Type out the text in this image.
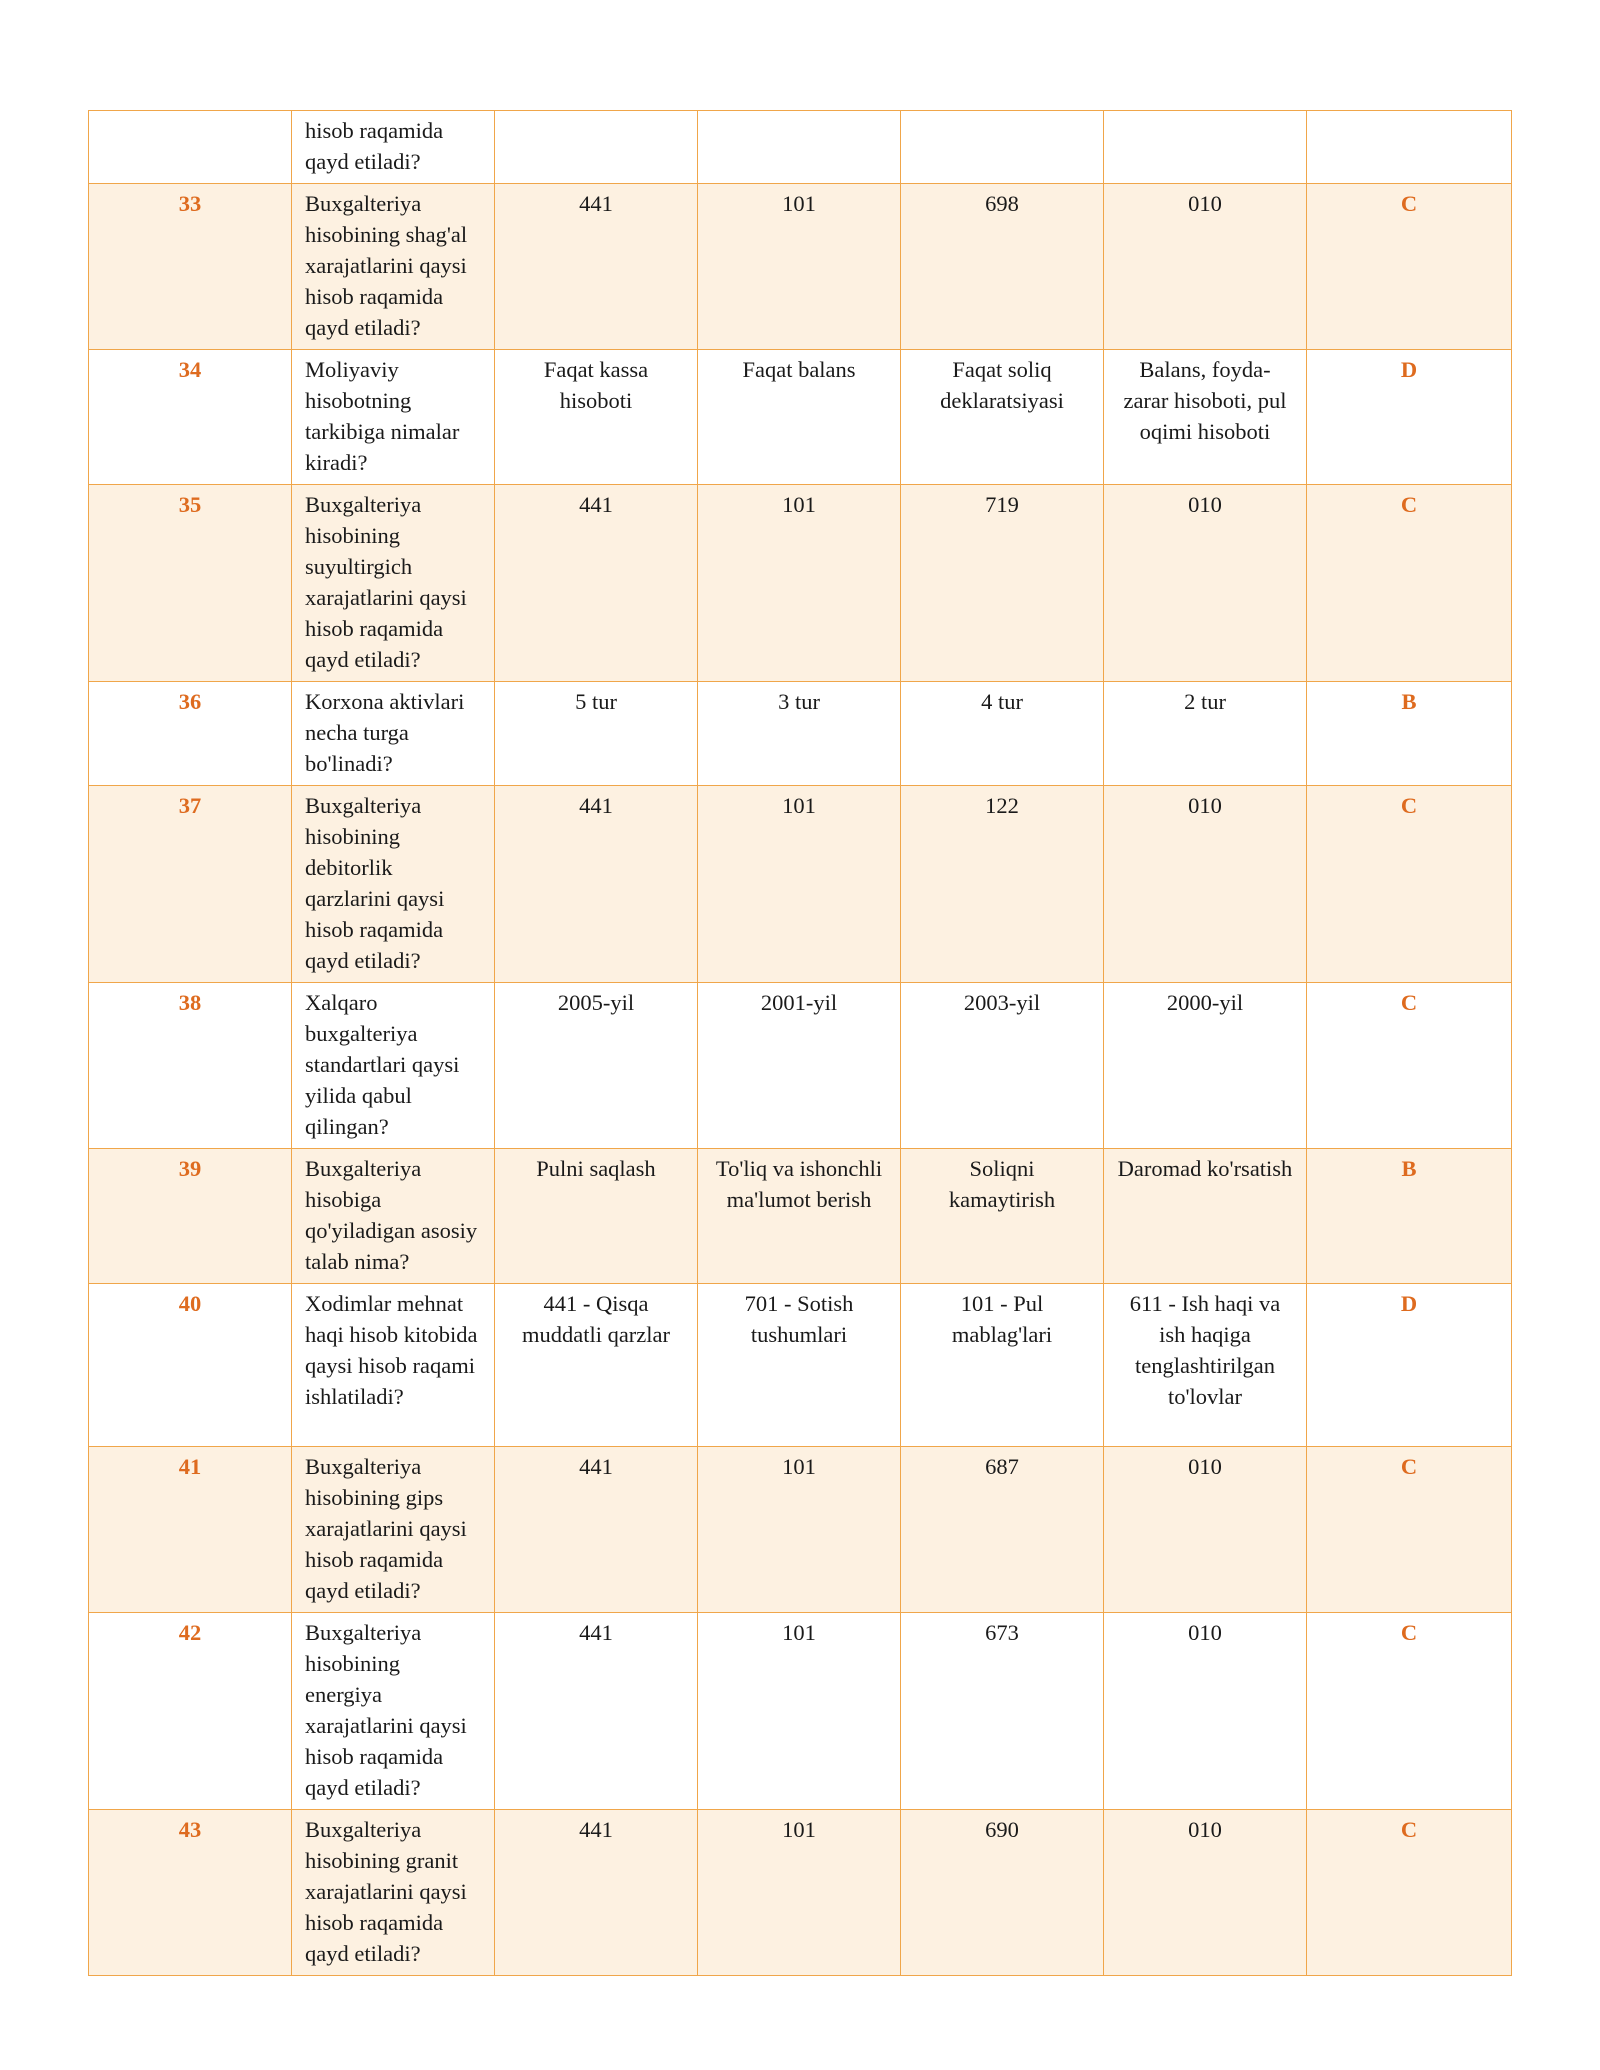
	hisob raqamida qayd etiladi?					
33	Buxgalteriya hisobining shag'al xarajatlarini qaysi hisob raqamida qayd etiladi?	441	101	698	010	C
34	Moliyaviy hisobotning tarkibiga nimalar kiradi?	Faqat kassa hisoboti	Faqat balans	Faqat soliq deklaratsiyasi	Balans, foyda-zarar hisoboti, pul oqimi hisoboti	D
35	Buxgalteriya hisobining suyultirgich xarajatlarini qaysi hisob raqamida qayd etiladi?	441	101	719	010	C
36	Korxona aktivlari necha turga bo'linadi?	5 tur	3 tur	4 tur	2 tur	B
37	Buxgalteriya hisobining debitorlik qarzlarini qaysi hisob raqamida qayd etiladi?	441	101	122	010	C
38	Xalqaro buxgalteriya standartlari qaysi yilida qabul qilingan?	2005-yil	2001-yil	2003-yil	2000-yil	C
39	Buxgalteriya hisobiga qo'yiladigan asosiy talab nima?	Pulni saqlash	To'liq va ishonchli ma'lumot berish	Soliqni kamaytirish	Daromad ko'rsatish	B
40	Xodimlar mehnat haqi hisob kitobida qaysi hisob raqami ishlatiladi?	441 - Qisqa muddatli qarzlar	701 - Sotish tushumlari	101 - Pul mablag'lari	611 - Ish haqi va ish haqiga tenglashtirilgan to'lovlar	D
41	Buxgalteriya hisobining gips xarajatlarini qaysi hisob raqamida qayd etiladi?	441	101	687	010	C
42	Buxgalteriya hisobining energiya xarajatlarini qaysi hisob raqamida qayd etiladi?	441	101	673	010	C
43	Buxgalteriya hisobining granit xarajatlarini qaysi hisob raqamida qayd etiladi?	441	101	690	010	C
